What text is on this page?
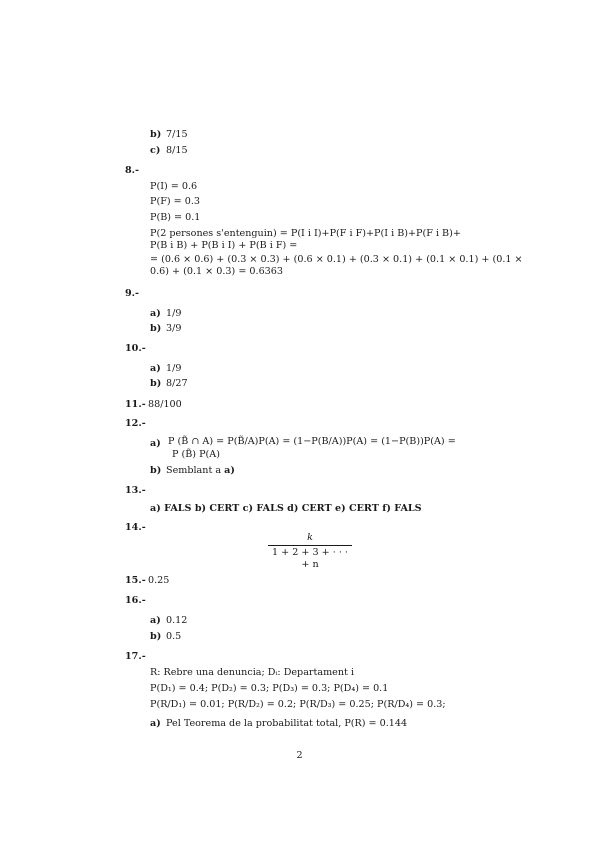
b) 7/15
c) 8/15
8.-
P(I) = 0.6
P(F) = 0.3
P(B) = 0.1
P(2 persones s'entenguin) = P(I i I)+P(F i F)+P(I i B)+P(F i B)+
P(B i B) + P(B i I) + P(B i F) =
= (0.6 × 0.6) + (0.3 × 0.3) + (0.6 × 0.1) + (0.3 × 0.1) + (0.1 × 0.1) + (0.1 ×
0.6) + (0.1 × 0.3) = 0.6363
9.-
a) 1/9
b) 3/9
10.-
a) 1/9
b) 8/27
11.- 88/100
12.-
a) P (B̃ ∩ A) = P(B̃/A)P(A) = (1−P(B/A))P(A) = (1−P(B))P(A) =
P (B̃) P(A)
b) Semblant a a)
13.-
a) FALS b) CERT c) FALS d) CERT e) CERT f) FALS
14.-
k
1 + 2 + 3 + · · · + n
15.- 0.25
16.-
a) 0.12
b) 0.5
17.-
R: Rebre una denuncia; Dᵢ: Departament i
P(D₁) = 0.4; P(D₂) = 0.3; P(D₃) = 0.3; P(D₄) = 0.1
P(R/D₁) = 0.01; P(R/D₂) = 0.2; P(R/D₃) = 0.25; P(R/D₄) = 0.3;
a) Pel Teorema de la probabilitat total, P(R) = 0.144
2
